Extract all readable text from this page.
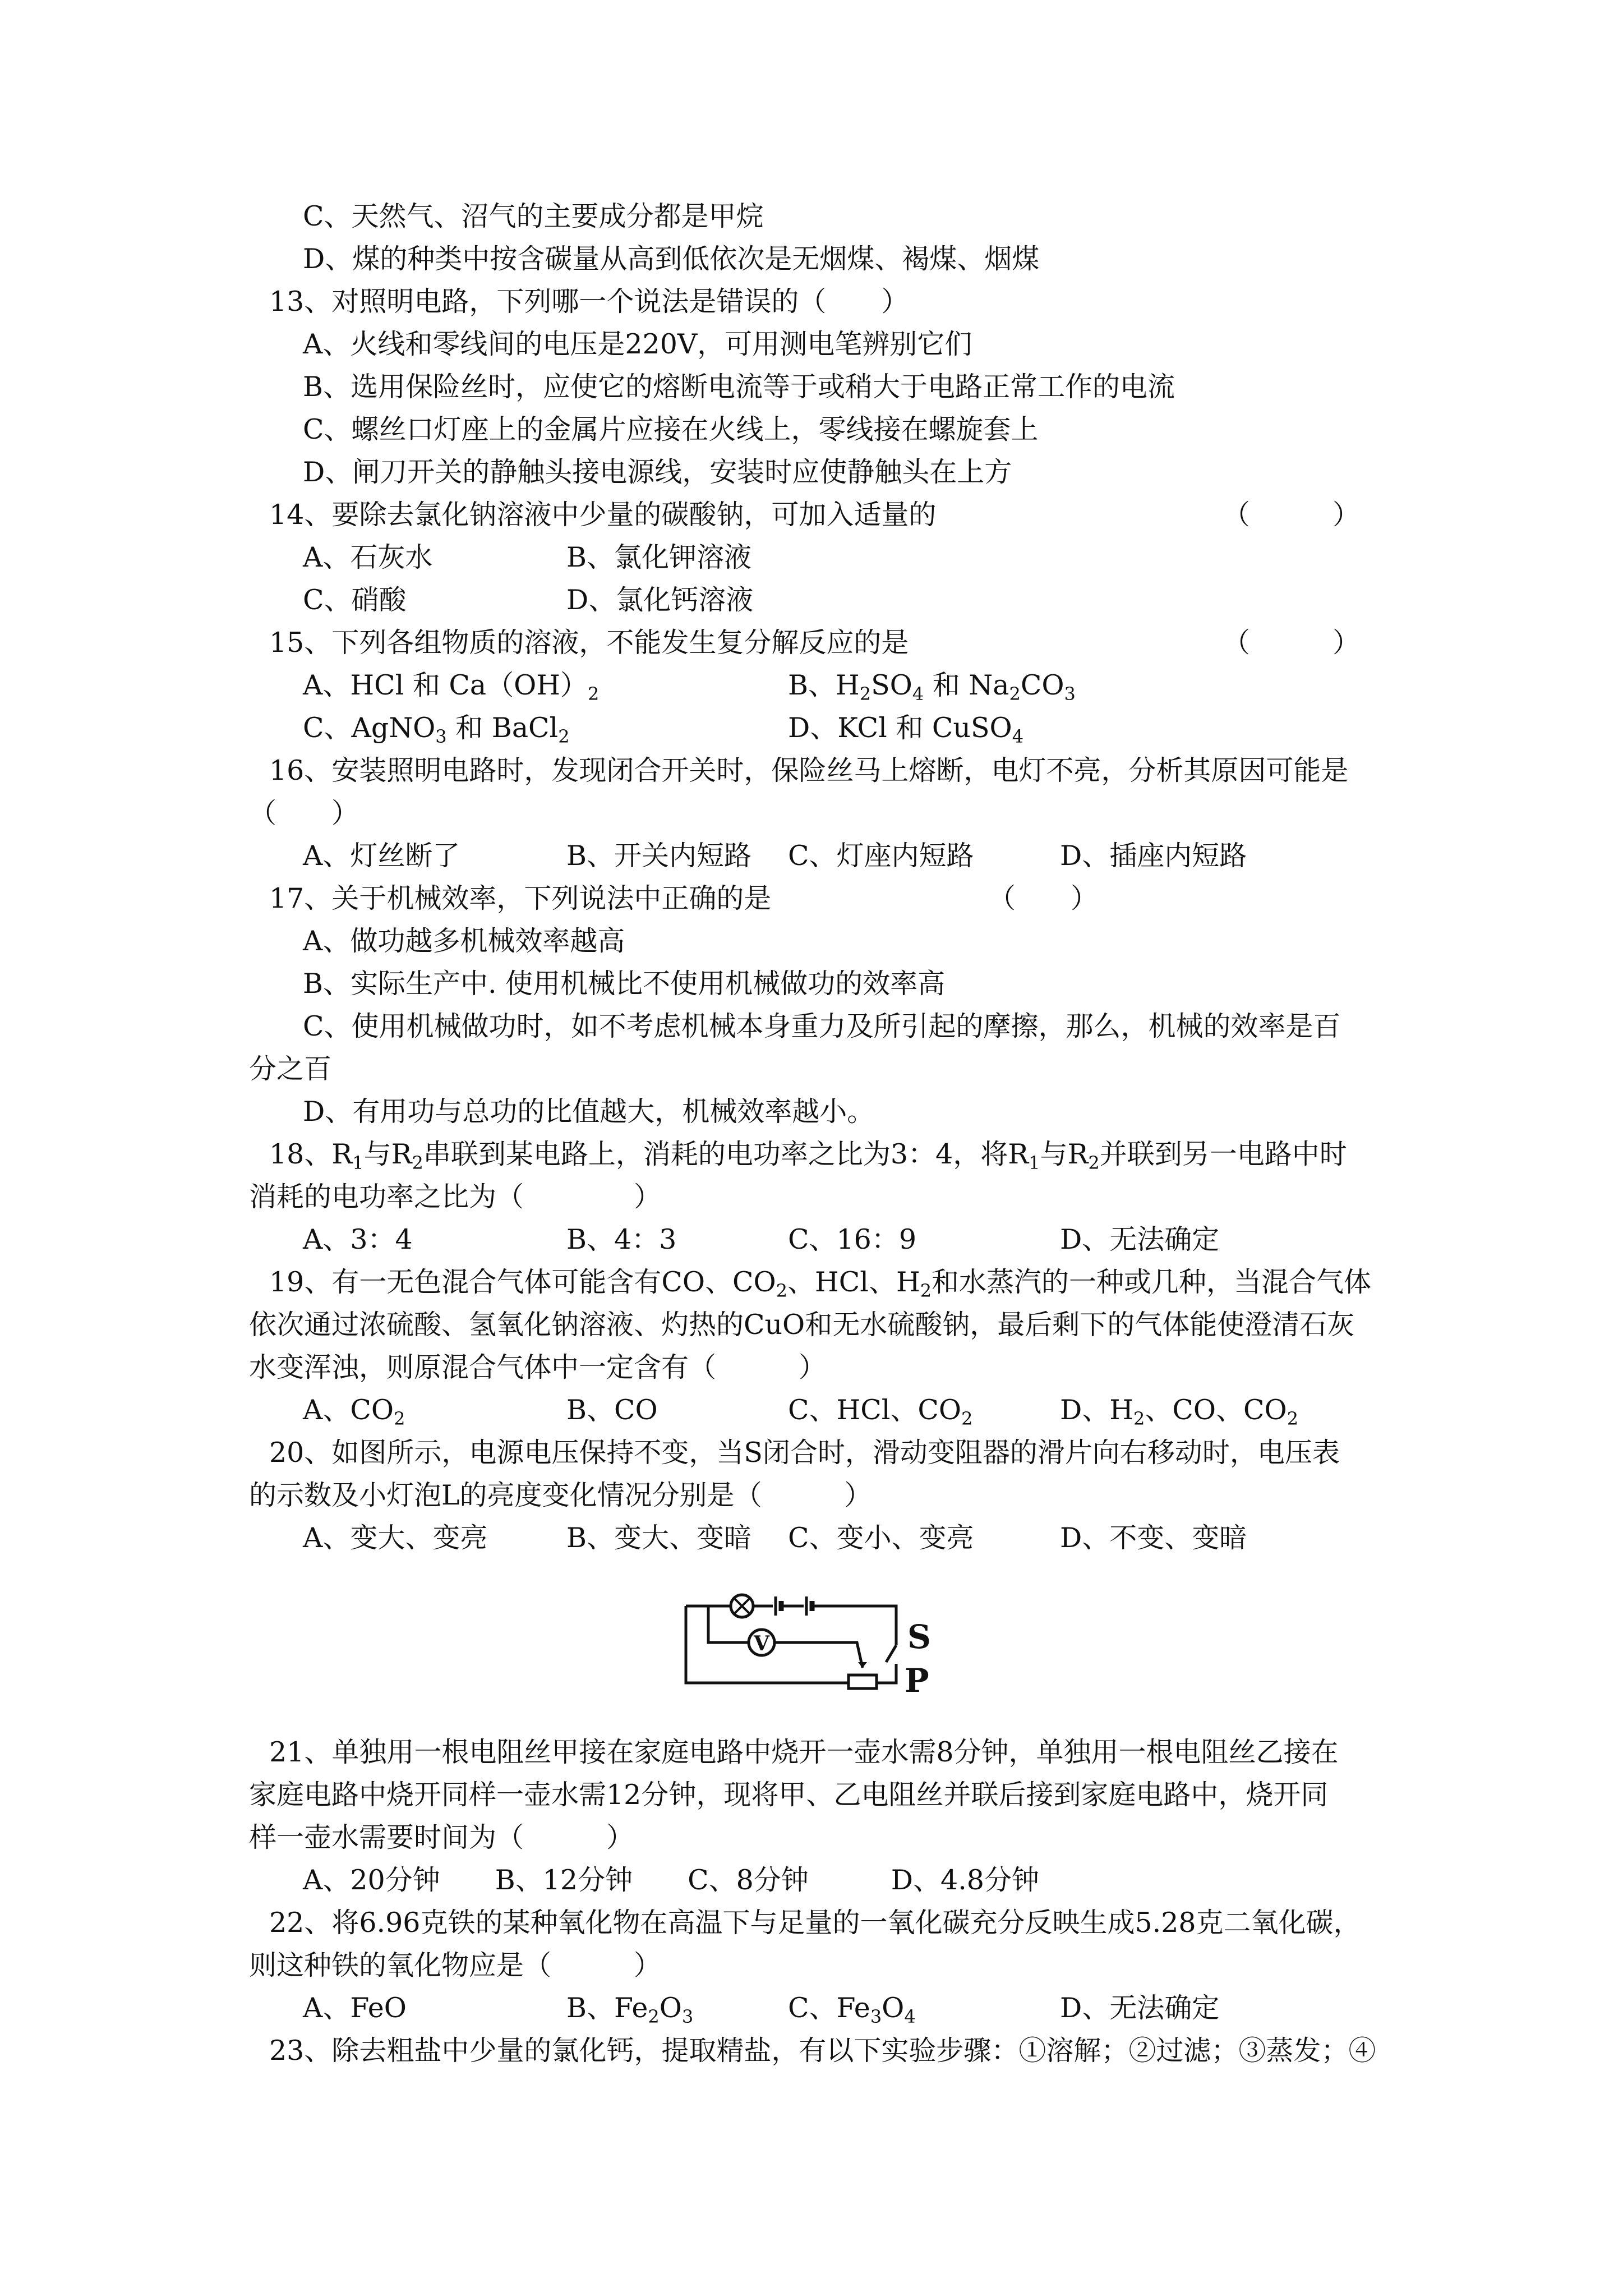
C、天然气、沼气的主要成分都是甲烷
D、煤的种类中按含碳量从高到低依次是无烟煤、褐煤、烟煤
13、对照明电路，下列哪一个说法是错误的（　　）
A、火线和零线间的电压是220V，可用测电笔辨别它们
B、选用保险丝时，应使它的熔断电流等于或稍大于电路正常工作的电流
C、螺丝口灯座上的金属片应接在火线上，零线接在螺旋套上
D、闸刀开关的静触头接电源线，安装时应使静触头在上方
14、要除去氯化钠溶液中少量的碳酸钠，可加入适量的	（　　　）
A、石灰水	B、氯化钾溶液
C、硝酸	D、氯化钙溶液
15、下列各组物质的溶液，不能发生复分解反应的是	（　　　）
A、HCl 和 $Ca(OH)_2$	B、$H_2SO_4$ 和 $Na_2CO_3$
C、AgNO$_3$ 和 BaCl$_2$	D、KCl 和 CuSO$_4$
16、安装照明电路时，发现闭合开关时，保险丝马上熔断，电灯不亮，分析其原因可能是
（　　）
A、灯丝断了	B、开关内短路 C、灯座内短路	D、插座内短路
17、关于机械效率，下列说法中正确的是	（　　）
A、做功越多机械效率越高
B、实际生产中. 使用机械比不使用机械做功的效率高
C、使用机械做功时，如不考虑机械本身重力及所引起的摩擦，那么，机械的效率是百
分之百
D、有用功与总功的比值越大，机械效率越小。
18、$R_1$与$R_2$串联到某电路上，消耗的电功率之比为3：4，将$R_1$与$R_2$并联到另一电路中时
消耗的电功率之比为（　　　　）
A、3：4	B、4：3	C、16：9	D、无法确定
19、有一无色混合气体可能含有CO、$CO_2$、HCl、$H_2$和水蒸汽的一种或几种，当混合气体
依次通过浓硫酸、氢氧化钠溶液、灼热的CuO和无水硫酸钠，最后剩下的气体能使澄清石灰
水变浑浊，则原混合气体中一定含有（　　　）
A、$CO_2$	B、CO	C、HCl、$CO_2$	D、$H_2$、CO、$CO_2$
20、如图所示，电源电压保持不变，当S闭合时，滑动变阻器的滑片向右移动时，电压表
的示数及小灯泡L的亮度变化情况分别是（　　　）
A、变大、变亮	B、变大、变暗 C、变小、变亮	D、不变、变暗
V	S
P
21、单独用一根电阻丝甲接在家庭电路中烧开一壶水需8分钟，单独用一根电阻丝乙接在
家庭电路中烧开同样一壶水需12分钟，现将甲、乙电阻丝并联后接到家庭电路中，烧开同
样一壶水需要时间为（　　　）
A、20分钟　　B、12分钟　　C、8分钟　　　D、4.8分钟
22、将6.96克铁的某种氧化物在高温下与足量的一氧化碳充分反映生成5.28克二氧化碳，
则这种铁的氧化物应是（　　　）
A、FeO	B、$Fe_2O_3$	C、$Fe_3O_4$	D、无法确定
23、除去粗盐中少量的氯化钙，提取精盐，有以下实验步骤：①溶解；②过滤；③蒸发；④
